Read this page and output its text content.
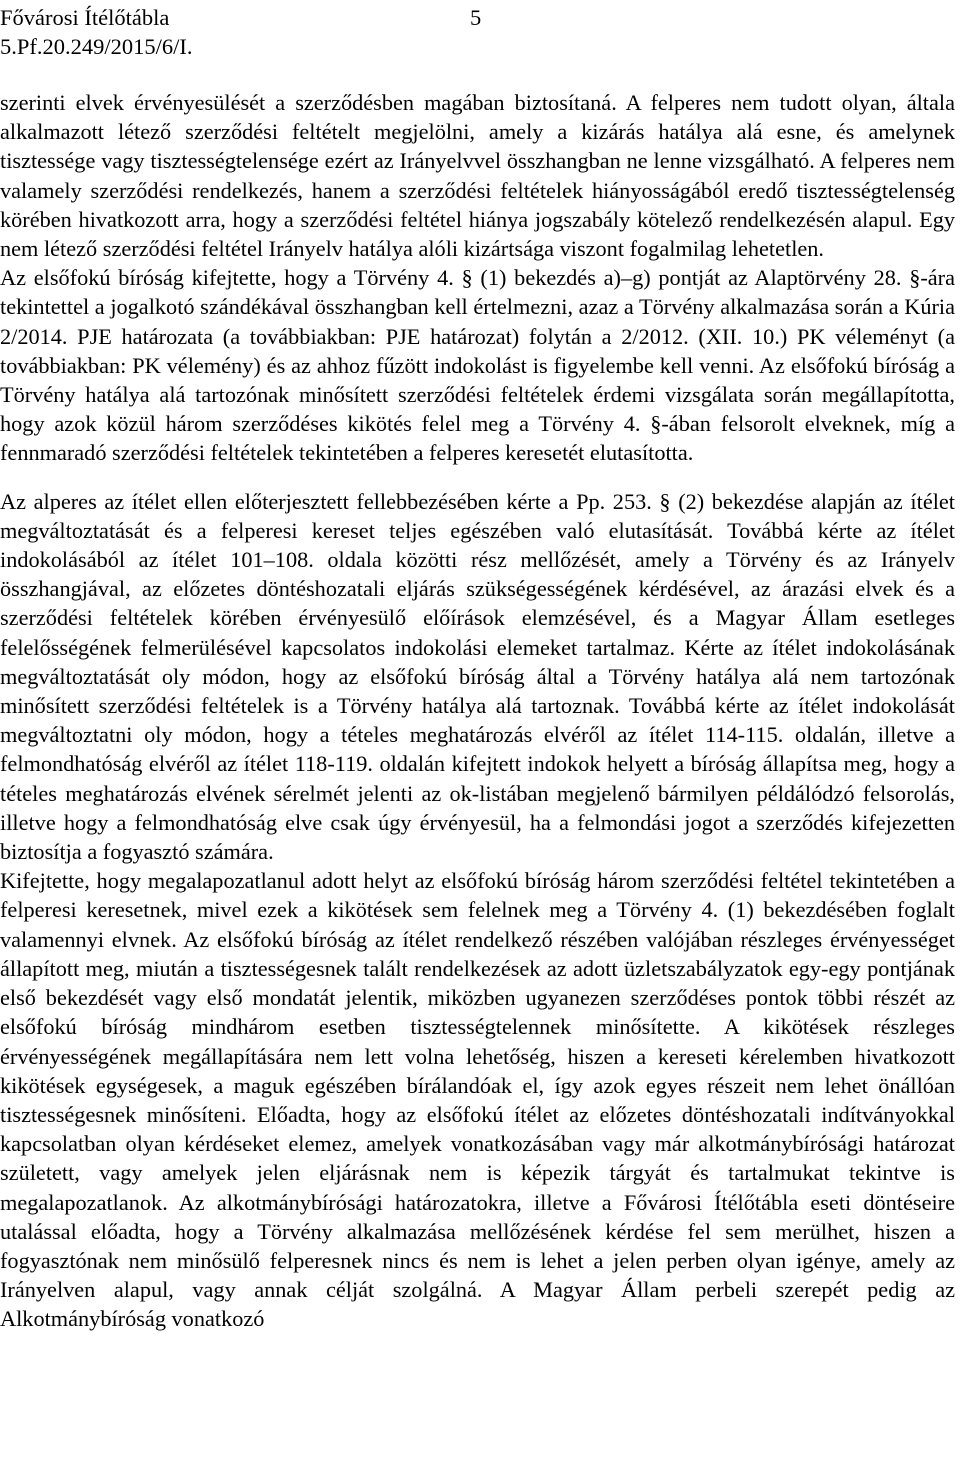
Fővárosi Ítélőtábla	5
5.Pf.20.249/2015/6/I.

szerinti elvek érvényesülését a szerződésben magában biztosítaná. A felperes nem tudott olyan, általa alkalmazott létező szerződési feltételt megjelölni, amely a kizárás hatálya alá esne, és amelynek tisztessége vagy tisztességtelensége ezért az Irányelvvel összhangban ne lenne vizsgálható. A felperes nem valamely szerződési rendelkezés, hanem a szerződési feltételek hiányosságából eredő tisztességtelenség körében hivatkozott arra, hogy a szerződési feltétel hiánya jogszabály kötelező rendelkezésén alapul. Egy nem létező szerződési feltétel Irányelv hatálya alóli kizártsága viszont fogalmilag lehetetlen.

Az elsőfokú bíróság kifejtette, hogy a Törvény 4. § (1) bekezdés a)–g) pontját az Alaptörvény 28. §-ára tekintettel a jogalkotó szándékával összhangban kell értelmezni, azaz a Törvény alkalmazása során a Kúria 2/2014. PJE határozata (a továbbiakban: PJE határozat) folytán a 2/2012. (XII. 10.) PK véleményt (a továbbiakban: PK vélemény) és az ahhoz fűzött indokolást is figyelembe kell venni. Az elsőfokú bíróság a Törvény hatálya alá tartozónak minősített szerződési feltételek érdemi vizsgálata során megállapította, hogy azok közül három szerződéses kikötés felel meg a Törvény 4. §-ában felsorolt elveknek, míg a fennmaradó szerződési feltételek tekintetében a felperes keresetét elutasította.

Az alperes az ítélet ellen előterjesztett fellebbezésében kérte a Pp. 253. § (2) bekezdése alapján az ítélet megváltoztatását és a felperesi kereset teljes egészében való elutasítását. Továbbá kérte az ítélet indokolásából az ítélet 101–108. oldala közötti rész mellőzését, amely a Törvény és az Irányelv összhangjával, az előzetes döntéshozatali eljárás szükségességének kérdésével, az árazási elvek és a szerződési feltételek körében érvényesülő előírások elemzésével, és a Magyar Állam esetleges felelősségének felmerülésével kapcsolatos indokolási elemeket tartalmaz. Kérte az ítélet indokolásának megváltoztatását oly módon, hogy az elsőfokú bíróság által a Törvény hatálya alá nem tartozónak minősített szerződési feltételek is a Törvény hatálya alá tartoznak. Továbbá kérte az ítélet indokolását megváltoztatni oly módon, hogy a tételes meghatározás elvéről az ítélet 114-115. oldalán, illetve a felmondhatóság elvéről az ítélet 118-119. oldalán kifejtett indokok helyett a bíróság állapítsa meg, hogy a tételes meghatározás elvének sérelmét jelenti az ok-listában megjelenő bármilyen példálódzó felsorolás, illetve hogy a felmondhatóság elve csak úgy érvényesül, ha a felmondási jogot a szerződés kifejezetten biztosítja a fogyasztó számára.

Kifejtette, hogy megalapozatlanul adott helyt az elsőfokú bíróság három szerződési feltétel tekintetében a felperesi keresetnek, mivel ezek a kikötések sem felelnek meg a Törvény 4. (1) bekezdésében foglalt valamennyi elvnek. Az elsőfokú bíróság az ítélet rendelkező részében valójában részleges érvényességet állapított meg, miután a tisztességesnek talált rendelkezések az adott üzletszabályzatok egy-egy pontjának első bekezdését vagy első mondatát jelentik, miközben ugyanezen szerződéses pontok többi részét az elsőfokú bíróság mindhárom esetben tisztességtelennek minősítette. A kikötések részleges érvényességének megállapítására nem lett volna lehetőség, hiszen a kereseti kérelemben hivatkozott kikötések egységesek, a maguk egészében bírálandóak el, így azok egyes részeit nem lehet önállóan tisztességesnek minősíteni. Előadta, hogy az elsőfokú ítélet az előzetes döntéshozatali indítványokkal kapcsolatban olyan kérdéseket elemez, amelyek vonatkozásában vagy már alkotmánybírósági határozat született, vagy amelyek jelen eljárásnak nem is képezik tárgyát és tartalmukat tekintve is megalapozatlanok. Az alkotmánybírósági határozatokra, illetve a Fővárosi Ítélőtábla eseti döntéseire utalással előadta, hogy a Törvény alkalmazása mellőzésének kérdése fel sem merülhet, hiszen a fogyasztónak nem minősülő felperesnek nincs és nem is lehet a jelen perben olyan igénye, amely az Irányelven alapul, vagy annak célját szolgálná. A Magyar Állam perbeli szerepét pedig az Alkotmánybíróság vonatkozó
